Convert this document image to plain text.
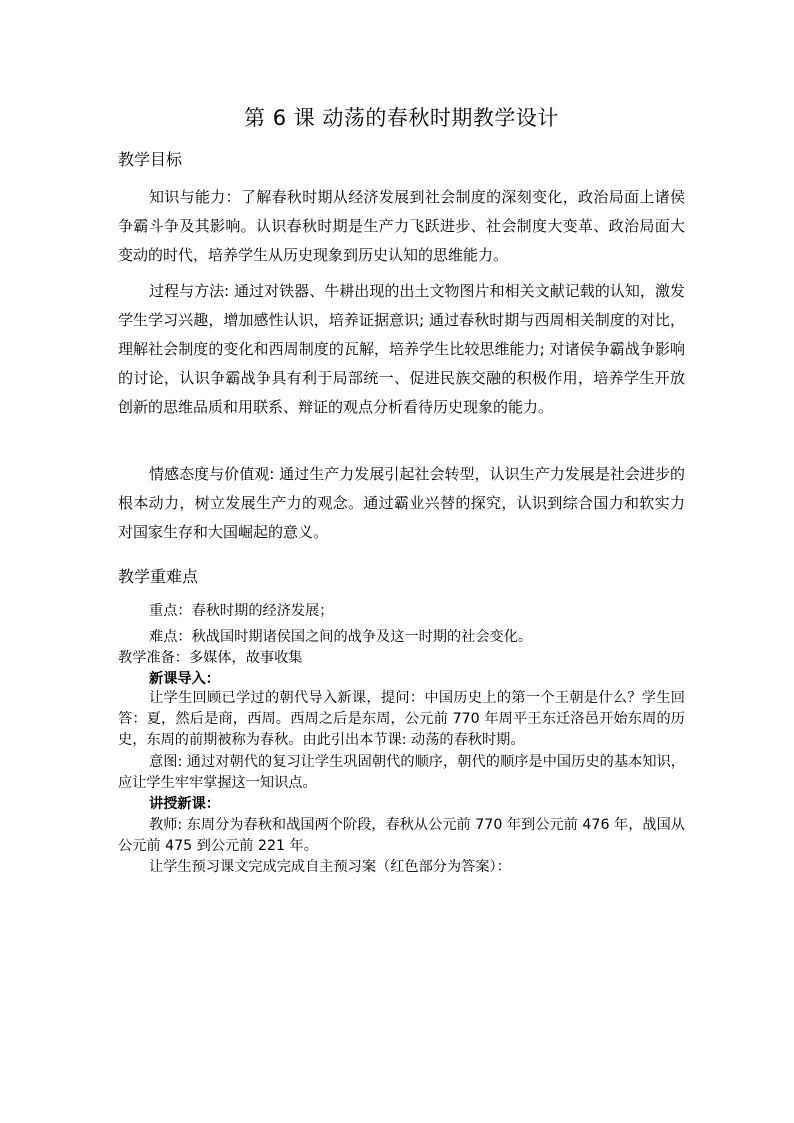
第 6 课 动荡的春秋时期教学设计
教学目标
知识与能力：了解春秋时期从经济发展到社会制度的深刻变化，政治局面上诸侯争霸斗争及其影响。认识春秋时期是生产力飞跃进步、社会制度大变革、政治局面大变动的时代，培养学生从历史现象到历史认知的思维能力。
过程与方法: 通过对铁器、牛耕出现的出土文物图片和相关文献记载的认知，激发学生学习兴趣，增加感性认识，培养证据意识; 通过春秋时期与西周相关制度的对比，理解社会制度的变化和西周制度的瓦解，培养学生比较思维能力; 对诸侯争霸战争影响的讨论，认识争霸战争具有利于局部统一、促进民族交融的积极作用，培养学生开放创新的思维品质和用联系、辩证的观点分析看待历史现象的能力。
情感态度与价值观: 通过生产力发展引起社会转型，认识生产力发展是社会进步的根本动力，树立发展生产力的观念。通过霸业兴替的探究，认识到综合国力和软实力对国家生存和大国崛起的意义。
教学重难点
重点：春秋时期的经济发展；
难点：秋战国时期诸侯国之间的战争及这一时期的社会变化。
教学准备：多媒体，故事收集
新课导入：
让学生回顾已学过的朝代导入新课，提问：中国历史上的第一个王朝是什么？学生回答：夏，然后是商，西周。西周之后是东周，公元前 770 年周平王东迁洛邑开始东周的历史，东周的前期被称为春秋。由此引出本节课: 动荡的春秋时期。
意图: 通过对朝代的复习让学生巩固朝代的顺序，朝代的顺序是中国历史的基本知识，应让学生牢牢掌握这一知识点。
讲授新课：
教师: 东周分为春秋和战国两个阶段，春秋从公元前 770 年到公元前 476 年，战国从公元前 475 到公元前 221 年。
让学生预习课文完成完成自主预习案（红色部分为答案）：
